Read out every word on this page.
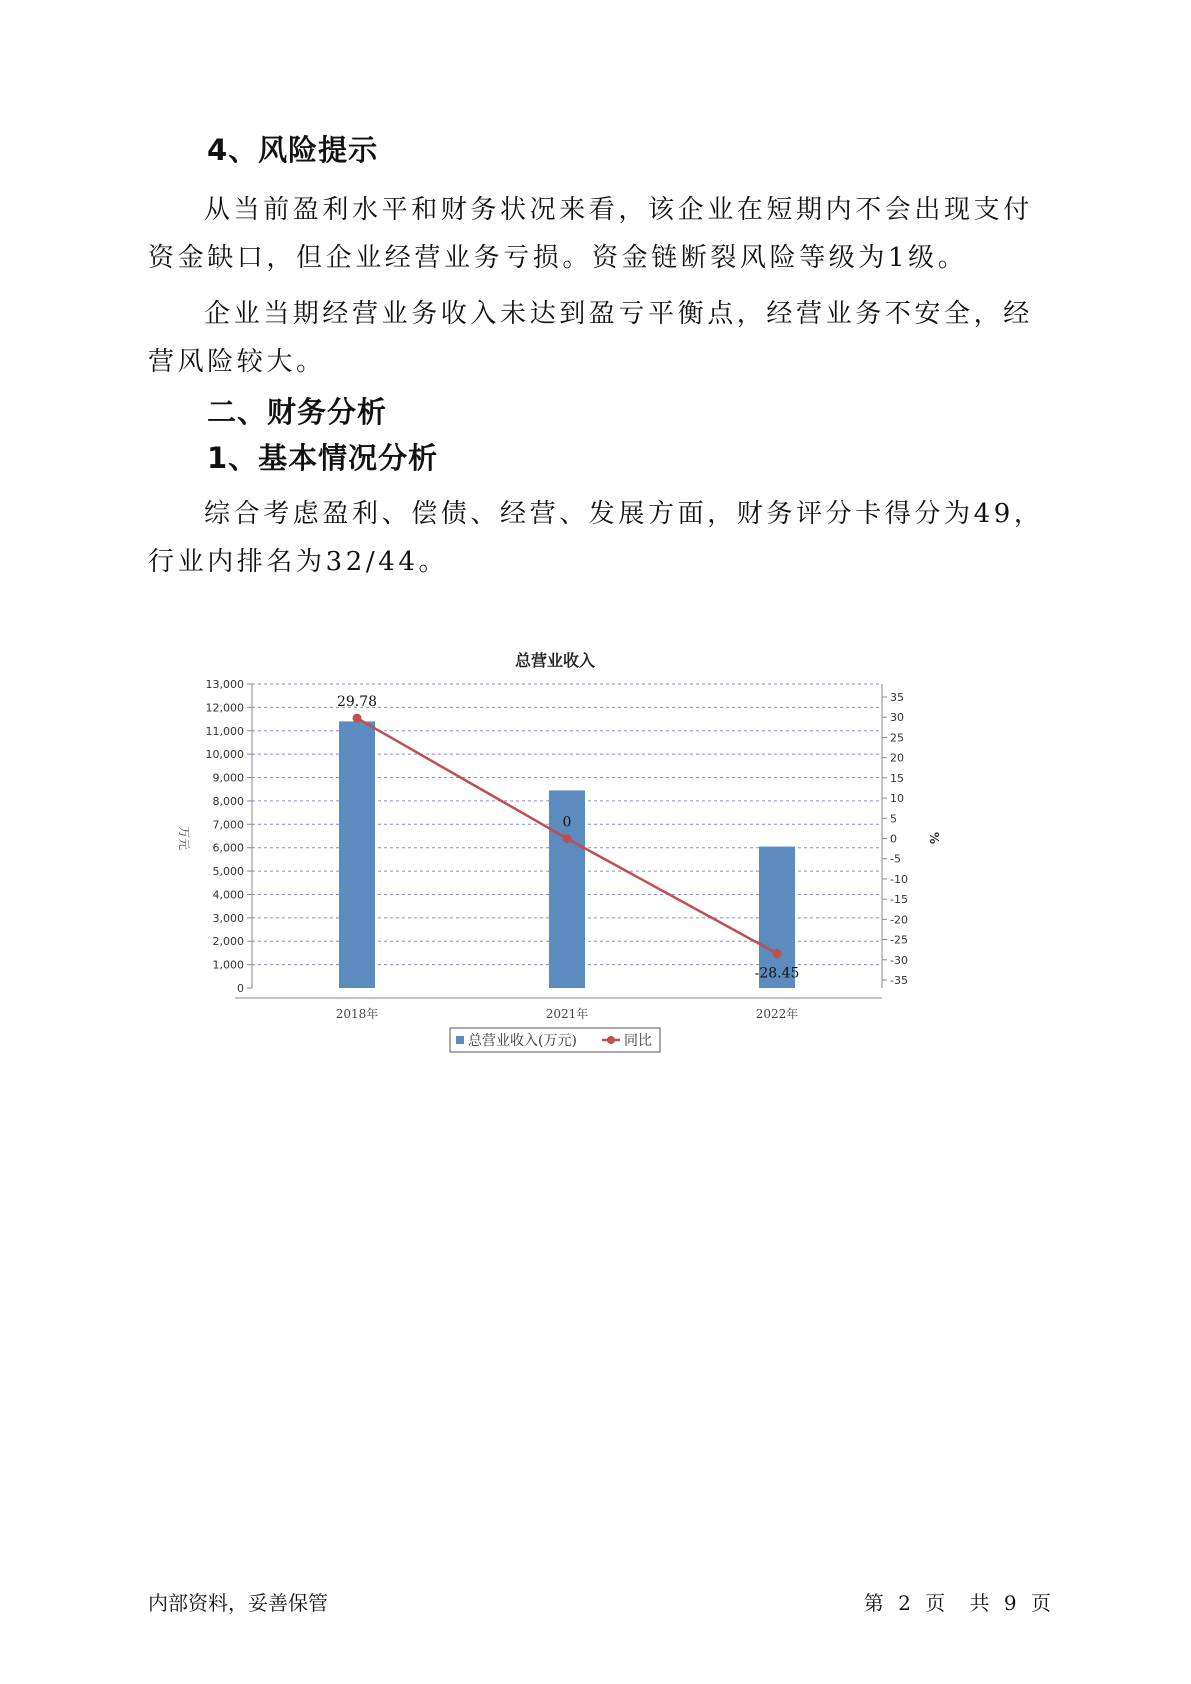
4、风险提示

从当前盈利水平和财务状况来看，该企业在短期内不会出现支付资金缺口，但企业经营业务亏损。资金链断裂风险等级为1级。

企业当期经营业务收入未达到盈亏平衡点，经营业务不安全，经营风险较大。

二、财务分析
1、基本情况分析

综合考虑盈利、偿债、经营、发展方面，财务评分卡得分为49，行业内排名为32/44。

总营业收入
0
1,000
2,000
3,000
4,000
5,000
6,000
7,000
8,000
9,000
10,000
11,000
12,000
13,000
35
30
25
20
15
10
5
0
-5
-10
-15
-20
-25
-30
-35
万元	%
2018年	2021年	2022年
29.78
0
-28.45
总营业收入(万元)	同比
内部资料，妥善保管	第 2 页 共 9 页
